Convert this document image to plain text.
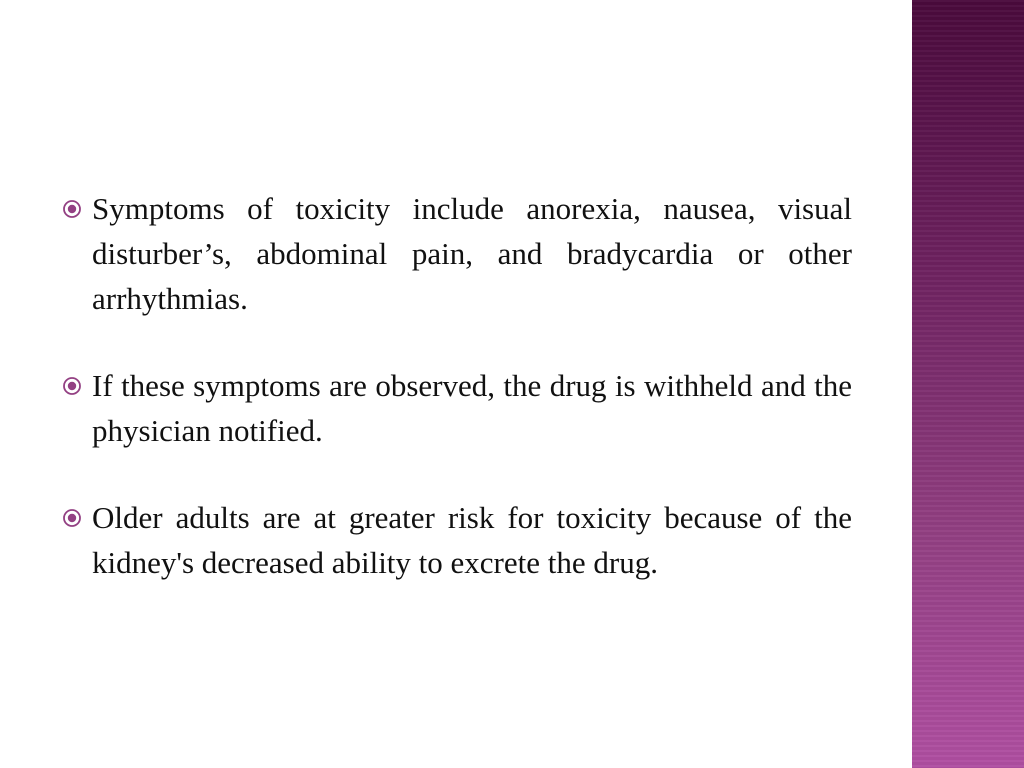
Symptoms of toxicity include anorexia, nausea, visual disturber’s, abdominal pain, and bradycardia or other arrhythmias.
If these symptoms are observed, the drug is withheld and the physician notified.
Older adults are at greater risk for toxicity because of the kidney's decreased ability to excrete the drug.
